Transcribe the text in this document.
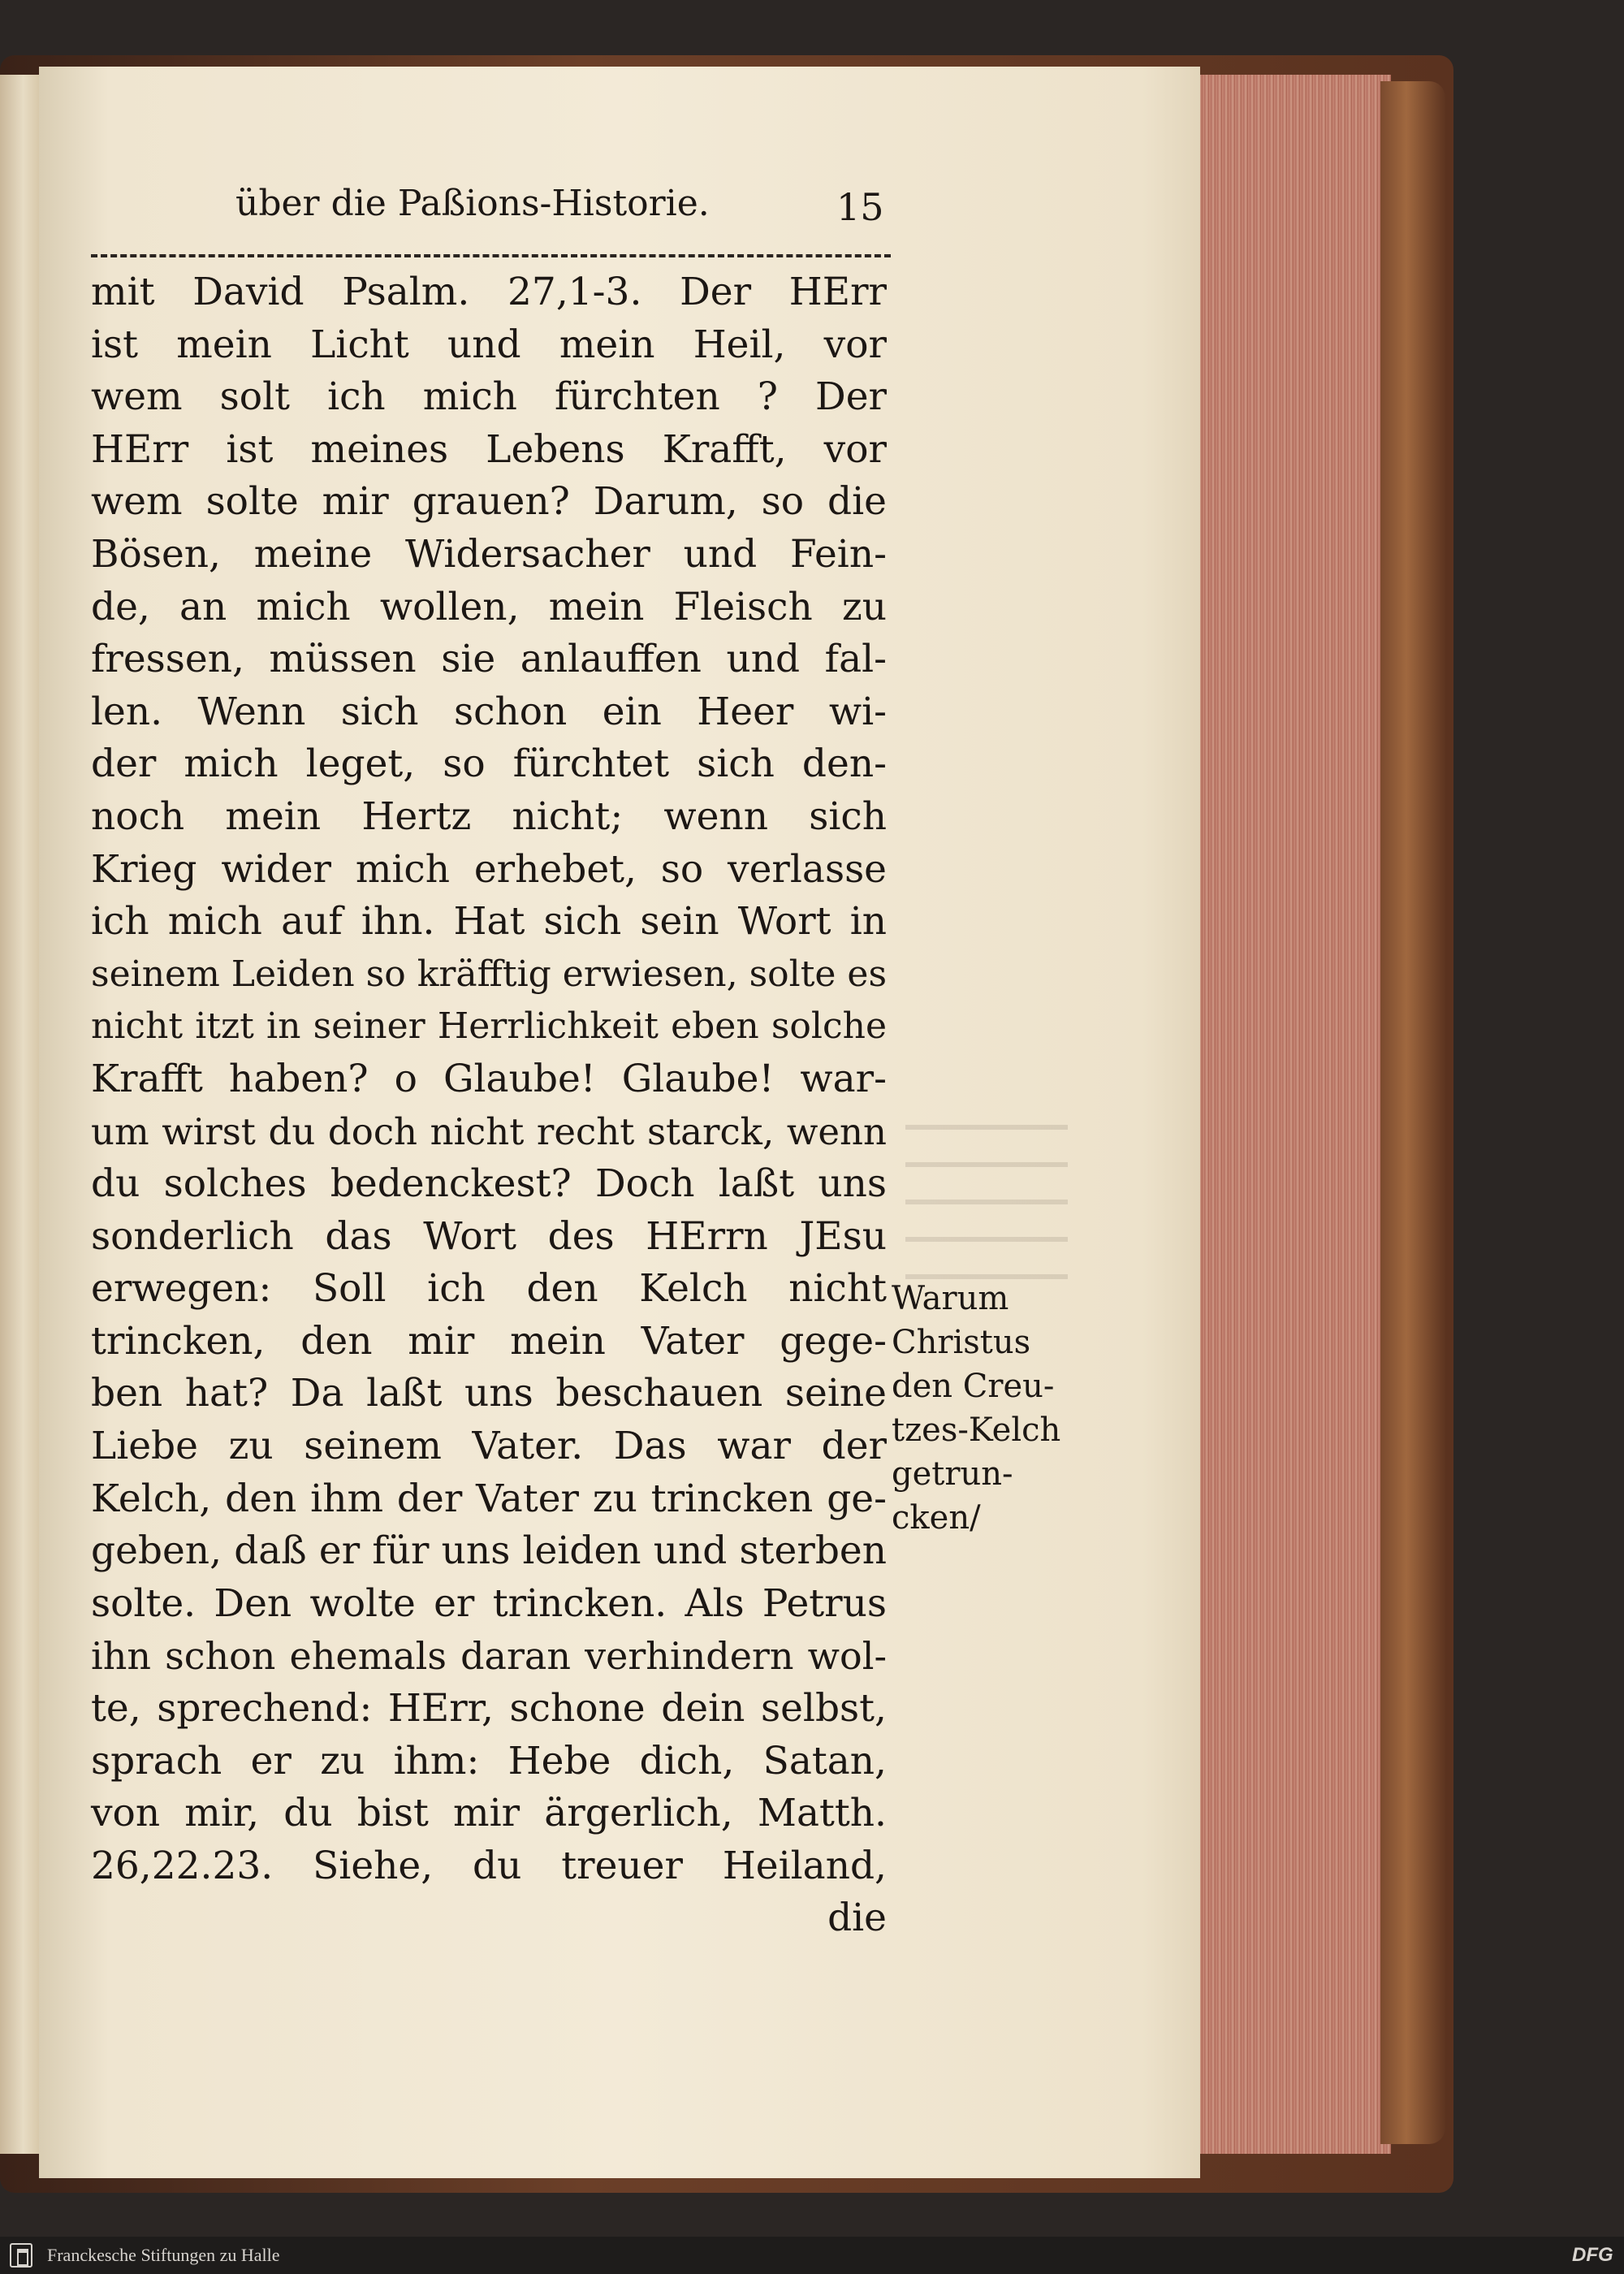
über die Paßions-Historie.	15
mit David Psalm. 27,1-3. Der HErr
ist mein Licht und mein Heil, vor
wem solt ich mich fürchten ? Der
HErr ist meines Lebens Krafft, vor
wem solte mir grauen? Darum, so die
Bösen, meine Widersacher und Fein-
de, an mich wollen, mein Fleisch zu
fressen, müssen sie anlauffen und fal-
len. Wenn sich schon ein Heer wi-
der mich leget, so fürchtet sich den-
noch mein Hertz nicht; wenn sich
Krieg wider mich erhebet, so verlasse
ich mich auf ihn. Hat sich sein Wort in
seinem Leiden so kräfftig erwiesen, solte es
nicht itzt in seiner Herrlichkeit eben solche
Krafft haben? o Glaube! Glaube! war-
um wirst du doch nicht recht starck, wenn
du solches bedenckest? Doch laßt uns
sonderlich das Wort des HErrn JEsu
erwegen: Soll ich den Kelch nicht
trincken, den mir mein Vater gege-
ben hat? Da laßt uns beschauen seine
Liebe zu seinem Vater. Das war der
Kelch, den ihm der Vater zu trincken ge-
geben, daß er für uns leiden und sterben
solte. Den wolte er trincken. Als Petrus
ihn schon ehemals daran verhindern wol-
te, sprechend: HErr, schone dein selbst,
sprach er zu ihm: Hebe dich, Satan,
von mir, du bist mir ärgerlich, Matth.
26,22.23. Siehe, du treuer Heiland,
die
Warum
Christus
den Creu-
tzes-Kelch
getrun-
cken/
Franckesche Stiftungen zu Halle	DFG
